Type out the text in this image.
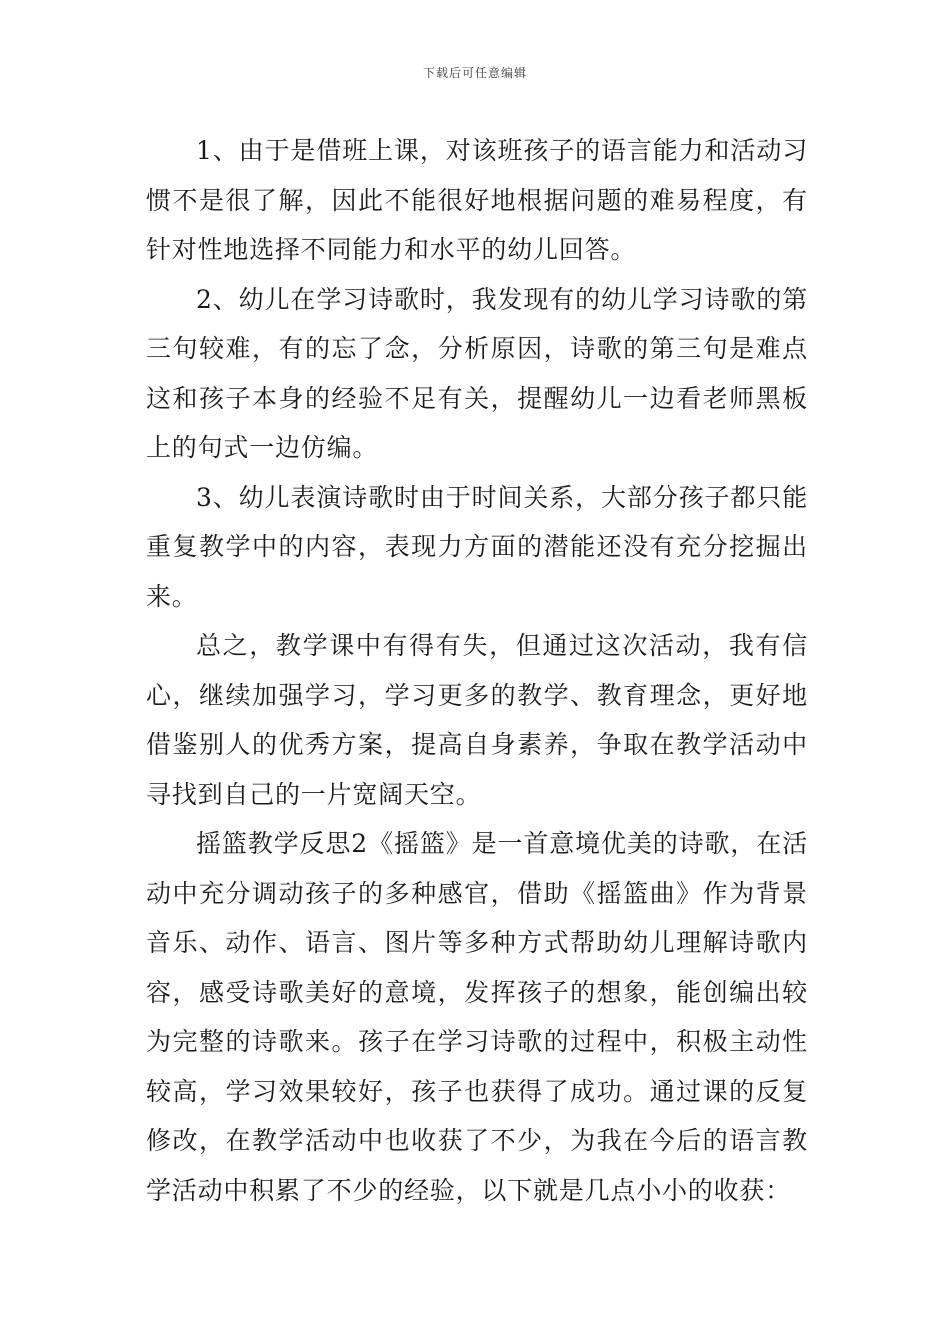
下载后可任意编辑

1、由于是借班上课，对该班孩子的语言能力和活动习惯不是很了解，因此不能很好地根据问题的难易程度，有针对性地选择不同能力和水平的幼儿回答。

2、幼儿在学习诗歌时，我发现有的幼儿学习诗歌的第三句较难，有的忘了念，分析原因，诗歌的第三句是难点这和孩子本身的经验不足有关，提醒幼儿一边看老师黑板上的句式一边仿编。

3、幼儿表演诗歌时由于时间关系，大部分孩子都只能重复教学中的内容，表现力方面的潜能还没有充分挖掘出来。

总之，教学课中有得有失，但通过这次活动，我有信心，继续加强学习，学习更多的教学、教育理念，更好地借鉴别人的优秀方案，提高自身素养，争取在教学活动中寻找到自己的一片宽阔天空。

摇篮教学反思2《摇篮》是一首意境优美的诗歌，在活动中充分调动孩子的多种感官，借助《摇篮曲》作为背景音乐、动作、语言、图片等多种方式帮助幼儿理解诗歌内容，感受诗歌美好的意境，发挥孩子的想象，能创编出较为完整的诗歌来。孩子在学习诗歌的过程中，积极主动性较高，学习效果较好，孩子也获得了成功。通过课的反复修改，在教学活动中也收获了不少，为我在今后的语言教学活动中积累了不少的经验，以下就是几点小小的收获：
